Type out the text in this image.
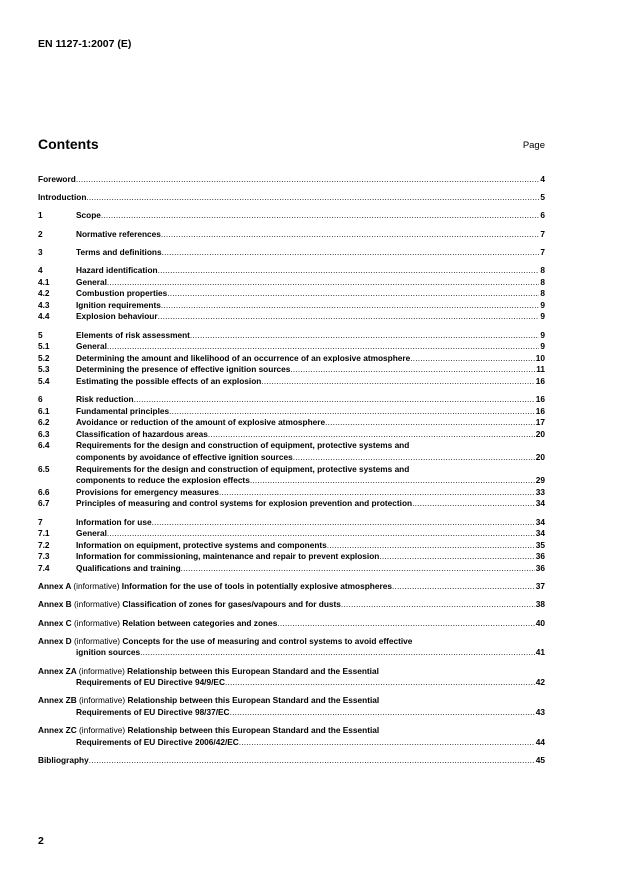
EN 1127-1:2007 (E)
Contents	Page
Foreword .....	4
Introduction .....	5
1	Scope .....	6
2	Normative references .....	7
3	Terms and definitions .....	7
4	Hazard identification .....	8
4.1	General .....	8
4.2	Combustion properties .....	8
4.3	Ignition requirements .....	9
4.4	Explosion behaviour .....	9
5	Elements of risk assessment .....	9
5.1	General .....	9
5.2	Determining the amount and likelihood of an occurrence of an explosive atmosphere .....	10
5.3	Determining the presence of effective ignition sources .....	11
5.4	Estimating the possible effects of an explosion .....	16
6	Risk reduction .....	16
6.1	Fundamental principles .....	16
6.2	Avoidance or reduction of the amount of explosive atmosphere .....	17
6.3	Classification of hazardous areas .....	20
6.4	Requirements for the design and construction of equipment, protective systems and
components by avoidance of effective ignition sources .....	20
6.5	Requirements for the design and construction of equipment, protective systems and
components to reduce the explosion effects .....	29
6.6	Provisions for emergency measures .....	33
6.7	Principles of measuring and control systems for explosion prevention and protection .....	34
7	Information for use .....	34
7.1	General .....	34
7.2	Information on equipment, protective systems and components .....	35
7.3	Information for commissioning, maintenance and repair to prevent explosion .....	36
7.4	Qualifications and training .....	36
Annex A (informative) Information for the use of tools in potentially explosive atmospheres .....	37
Annex B (informative) Classification of zones for gases/vapours and for dusts .....	38
Annex C (informative) Relation between categories and zones .....	40
Annex D (informative) Concepts for the use of measuring and control systems to avoid effective
ignition sources .....	41
Annex ZA (informative) Relationship between this European Standard and the Essential
Requirements of EU Directive 94/9/EC .....	42
Annex ZB (informative) Relationship between this European Standard and the Essential
Requirements of EU Directive 98/37/EC .....	43
Annex ZC (informative) Relationship between this European Standard and the Essential
Requirements of EU Directive 2006/42/EC .....	44
Bibliography .....	45
2
